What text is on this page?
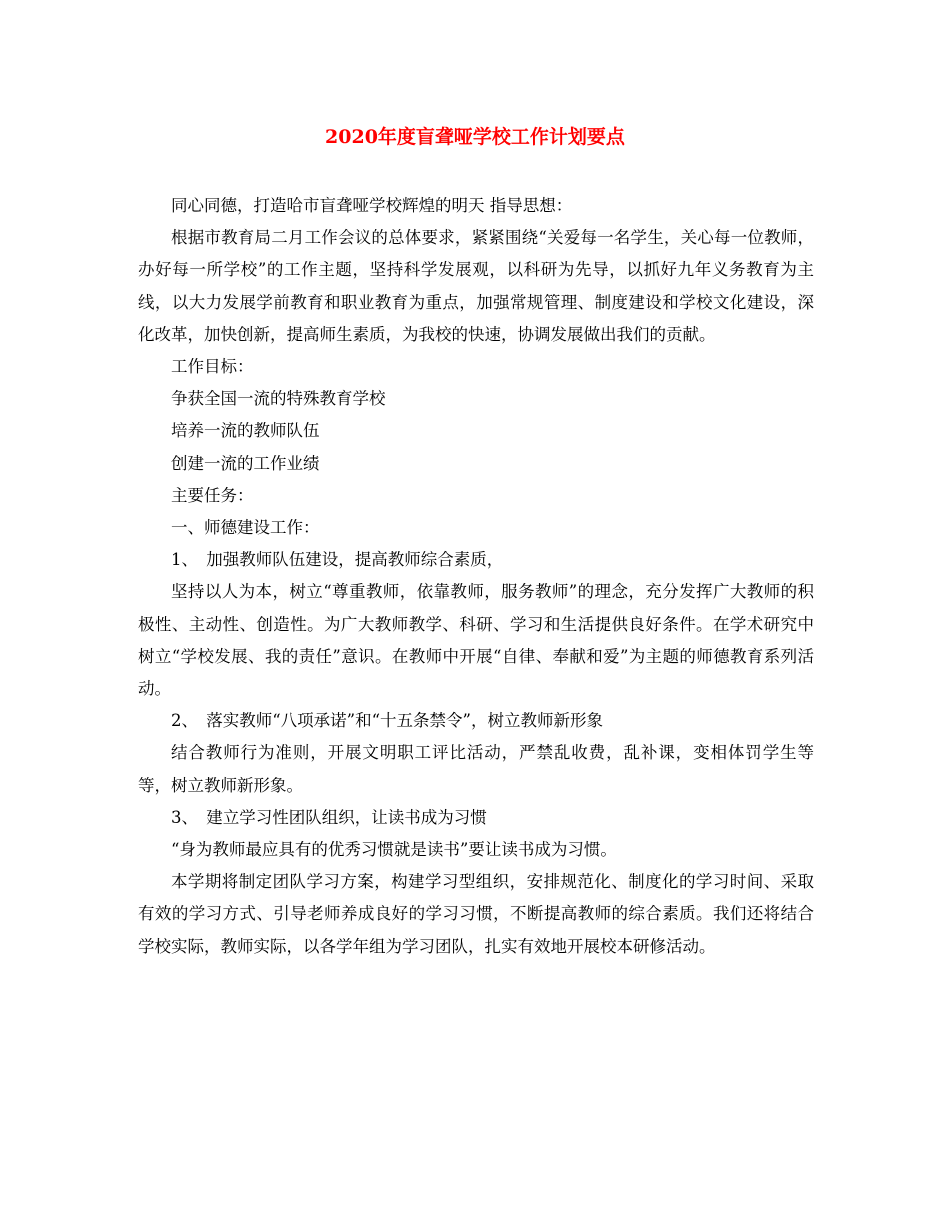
2020年度盲聋哑学校工作计划要点

同心同德，打造哈市盲聋哑学校辉煌的明天 指导思想：

根据市教育局二月工作会议的总体要求，紧紧围绕“关爱每一名学生，关心每一位教师，办好每一所学校”的工作主题，坚持科学发展观，以科研为先导，以抓好九年义务教育为主线，以大力发展学前教育和职业教育为重点，加强常规管理、制度建设和学校文化建设，深化改革，加快创新，提高师生素质，为我校的快速，协调发展做出我们的贡献。

工作目标：

争获全国一流的特殊教育学校

培养一流的教师队伍

创建一流的工作业绩

主要任务：

一、师德建设工作：

1、　加强教师队伍建设，提高教师综合素质，

坚持以人为本，树立“尊重教师，依靠教师，服务教师”的理念，充分发挥广大教师的积极性、主动性、创造性。为广大教师教学、科研、学习和生活提供良好条件。在学术研究中树立“学校发展、我的责任”意识。在教师中开展“自律、奉献和爱”为主题的师德教育系列活动。

2、　落实教师“八项承诺”和“十五条禁令”，树立教师新形象

结合教师行为准则，开展文明职工评比活动，严禁乱收费，乱补课，变相体罚学生等等，树立教师新形象。

3、　建立学习性团队组织，让读书成为习惯

“身为教师最应具有的优秀习惯就是读书”要让读书成为习惯。

本学期将制定团队学习方案，构建学习型组织，安排规范化、制度化的学习时间、采取有效的学习方式、引导老师养成良好的学习习惯，不断提高教师的综合素质。我们还将结合学校实际，教师实际，以各学年组为学习团队，扎实有效地开展校本研修活动。
